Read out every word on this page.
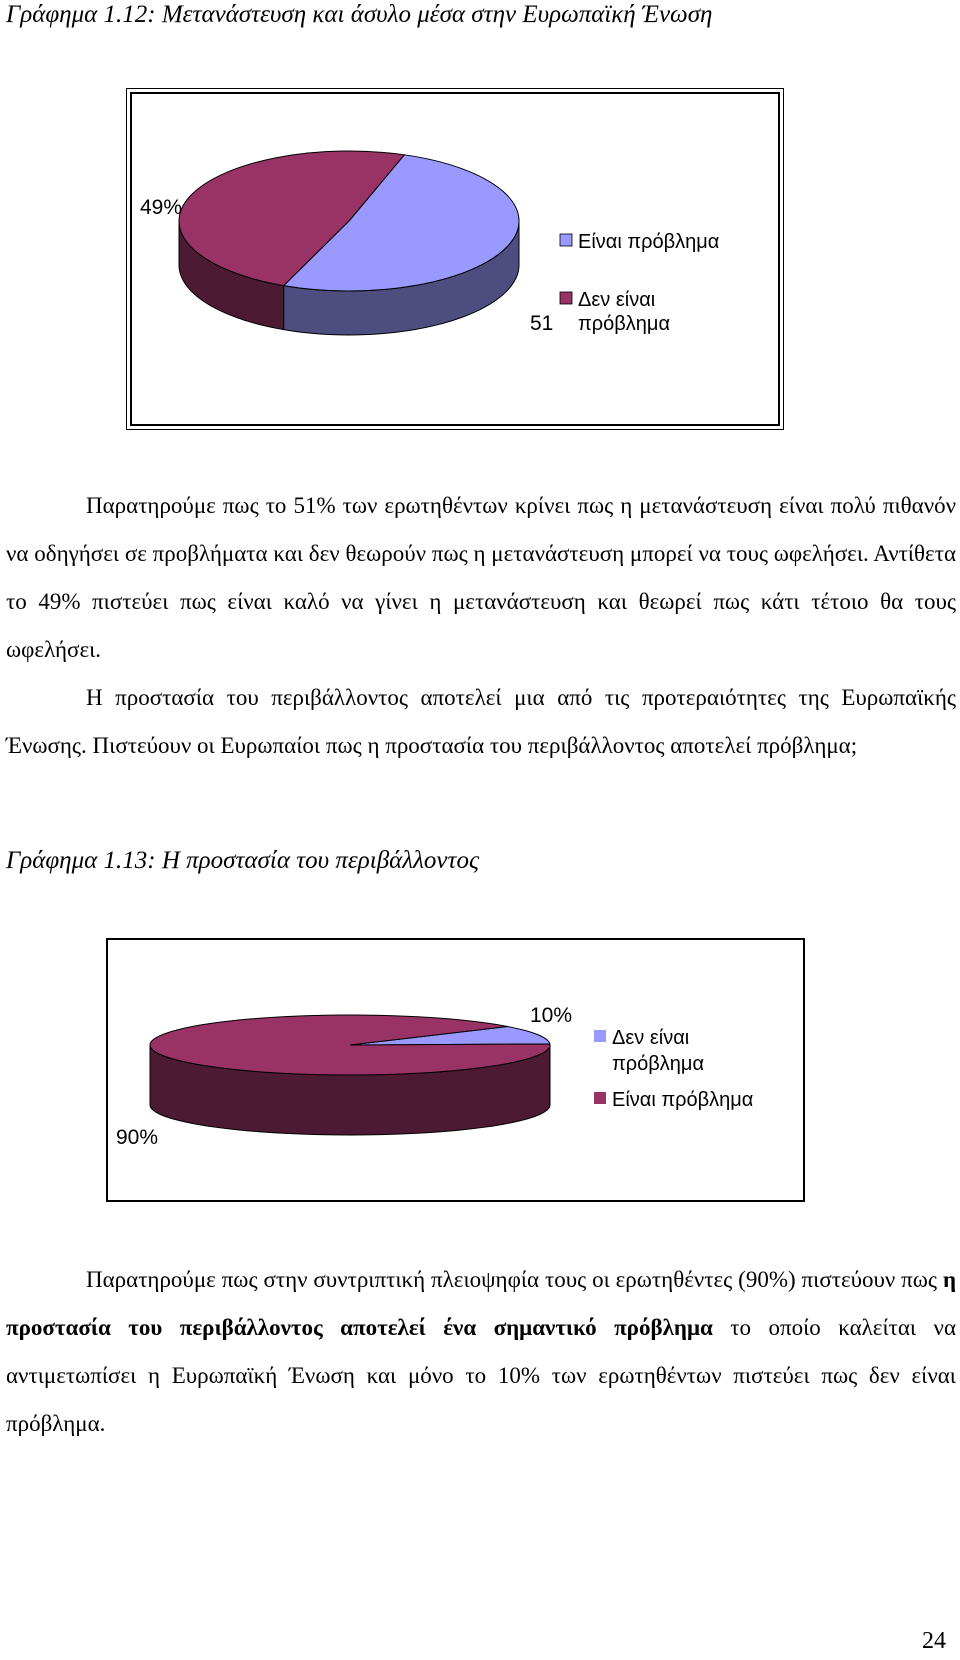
Γράφημα 1.12: Μετανάστευση και άσυλο μέσα στην Ευρωπαϊκή Ένωση
49%
51
Είναι πρόβλημα
Δεν είναι
πρόβλημα

Παρατηρούμε πως το 51% των ερωτηθέντων κρίνει πως η μετανάστευση είναι πολύ πιθανόν να οδηγήσει σε προβλήματα και δεν θεωρούν πως η μετανάστευση μπορεί να τους ωφελήσει. Αντίθετα το 49% πιστεύει πως είναι καλό να γίνει η μετανάστευση και θεωρεί πως κάτι τέτοιο θα τους ωφελήσει.

Η προστασία του περιβάλλοντος αποτελεί μια από τις προτεραιότητες της Ευρωπαϊκής Ένωσης. Πιστεύουν οι Ευρωπαίοι πως η προστασία του περιβάλλοντος αποτελεί πρόβλημα;

Γράφημα 1.13: Η προστασία του περιβάλλοντος
10%
90%
Δεν είναι
πρόβλημα
Είναι πρόβλημα

Παρατηρούμε πως στην συντριπτική πλειοψηφία τους οι ερωτηθέντες (90%) πιστεύουν πως η προστασία του περιβάλλοντος αποτελεί ένα σημαντικό πρόβλημα το οποίο καλείται να αντιμετωπίσει η Ευρωπαϊκή Ένωση και μόνο το 10% των ερωτηθέντων πιστεύει πως δεν είναι πρόβλημα.

24
